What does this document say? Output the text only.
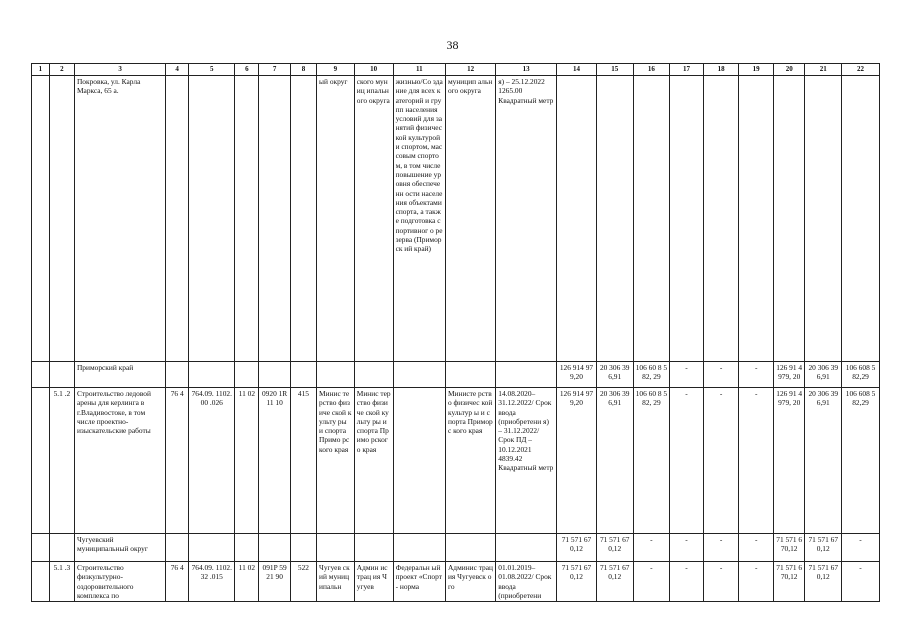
38
1	2	3	4	5	6	7	8	9	10	11	12	13	14	15	16	17	18	19	20	21	22
		Покровка, ул. Карла Маркса, 65 а.						ый округ	ского муниц ипальн ого округа	жизнью/Со здание для всех категорий и групп населения условий для занятий физической культурой и спортом, массовым спортом, в том числе повышение уровня обеспеченн ости населения объектами спорта, а также подготовка спортивног о резерва (Приморск ий край)	муницип ального округа	я) – 25.12.2022 1265.00 Квадратный метр									
		Приморский край											126 914 979,20	20 306 396,91	106 60 8 582, 29	-	-	-	126 91 4 979, 20	20 306 396,91	106 608 5 82,29
	5.1 .2	Строительство ледовой арены для керлинга в г.Владивостоке, в том числе проектно-изыскательские работы	76 4	764.09. 1102.00 .026	11 02	0920 1R11 10	415	Минис терство физиче ской культу ры и спорта Примо рского края	Минис терство физиче ской культу ры и спорта Примо рского края		Министе рство физичес кой культур ы и спорта Приморс кого края	14.08.2020– 31.12.2022/ Срок ввода (приобретени я) – 31.12.2022/ Срок ПД – 10.12.2021 4839.42 Квадратный метр	126 914 979,20	20 306 396,91	106 60 8 582, 29	-	-	-	126 91 4 979, 20	20 306 396,91	106 608 5 82,29
		Чугуевский муниципальный округ											71 571 670,12	71 571 670,12	-	-	-	-	71 571 670,12	71 571 670,12	-
	5.1 .3	Строительство физкультурно-оздоровительного комплекса по	76 4	764.09. 1102.32 .015	11 02	091P 5921 90	522	Чугуев ский муниц ипальн	Админ истрац ия Чугуев	Федеральн ый проект «Спорт - норма	Админис трация Чугуевск ого	01.01.2019– 01.08.2022/ Срок ввода (приобретени	71 571 670,12	71 571 670,12	-	-	-	-	71 571 670,12	71 571 670,12	-
